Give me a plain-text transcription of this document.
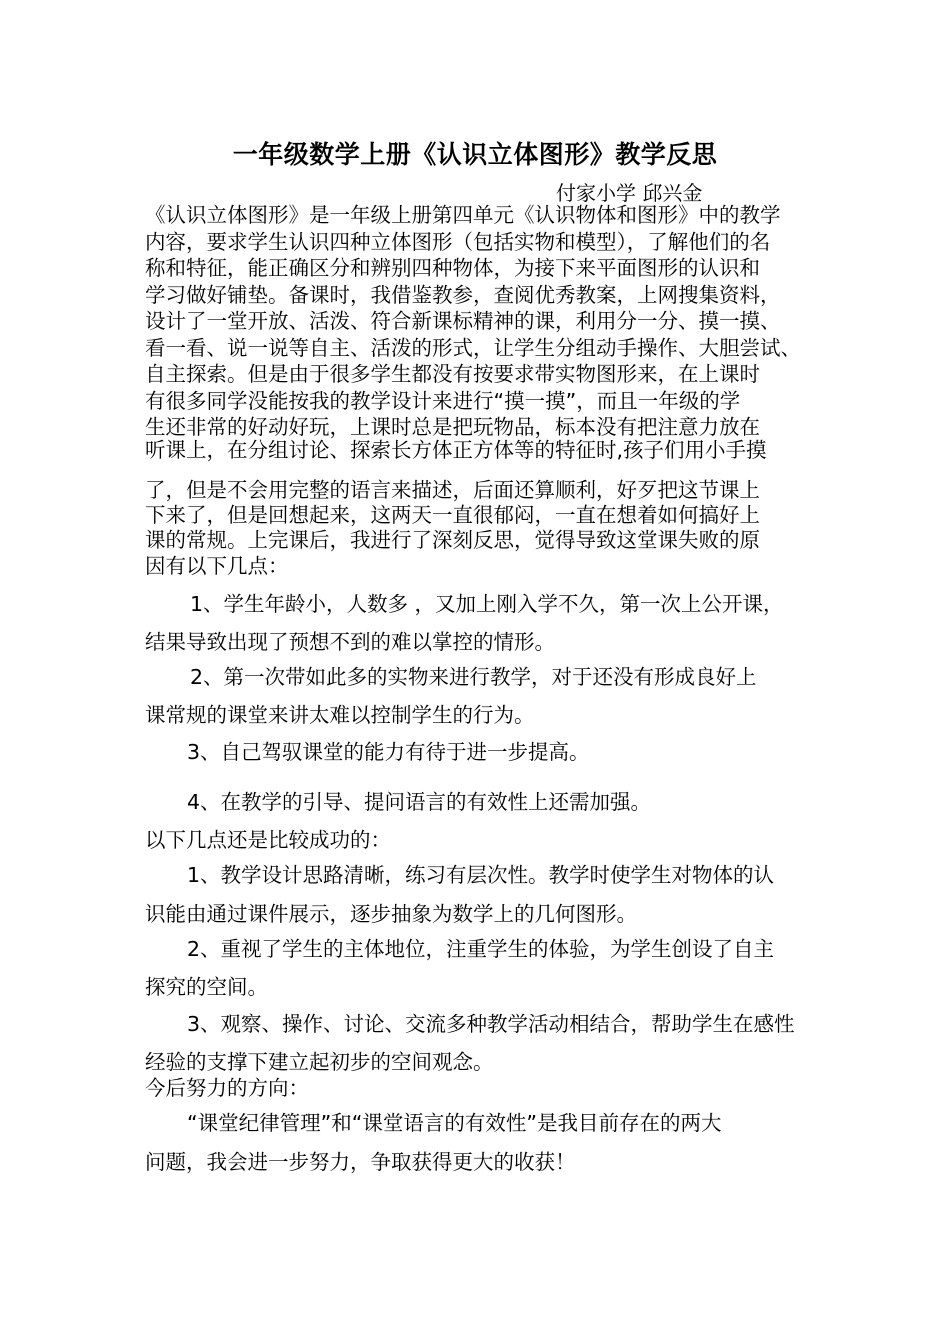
一年级数学上册《认识立体图形》教学反思
付家小学 邱兴金
《认识立体图形》是一年级上册第四单元《认识物体和图形》中的教学
内容，要求学生认识四种立体图形（包括实物和模型），了解他们的名
称和特征，能正确区分和辨别四种物体，为接下来平面图形的认识和
学习做好铺垫。备课时，我借鉴教参，查阅优秀教案，上网搜集资料，
设计了一堂开放、活泼、符合新课标精神的课，利用分一分、摸一摸、
看一看、说一说等自主、活泼的形式，让学生分组动手操作、大胆尝试、
自主探索。但是由于很多学生都没有按要求带实物图形来，在上课时
有很多同学没能按我的教学设计来进行“摸一摸”，而且一年级的学
生还非常的好动好玩，上课时总是把玩物品，标本没有把注意力放在
听课上，在分组讨论、探索长方体正方体等的特征时,孩子们用小手摸
了，但是不会用完整的语言来描述，后面还算顺利，好歹把这节课上
下来了，但是回想起来，这两天一直很郁闷，一直在想着如何搞好上
课的常规。上完课后，我进行了深刻反思，觉得导致这堂课失败的原
因有以下几点：
1、学生年龄小，人数多 ，又加上刚入学不久，第一次上公开课，
结果导致出现了预想不到的难以掌控的情形。
2、第一次带如此多的实物来进行教学，对于还没有形成良好上
课常规的课堂来讲太难以控制学生的行为。
3、自己驾驭课堂的能力有待于进一步提高。
4、在教学的引导、提问语言的有效性上还需加强。
以下几点还是比较成功的：
1、教学设计思路清晰，练习有层次性。教学时使学生对物体的认
识能由通过课件展示，逐步抽象为数学上的几何图形。
2、重视了学生的主体地位，注重学生的体验，为学生创设了自主
探究的空间。
3、观察、操作、讨论、交流多种教学活动相结合，帮助学生在感性
经验的支撑下建立起初步的空间观念。
今后努力的方向：
“课堂纪律管理”和“课堂语言的有效性”是我目前存在的两大
问题，我会进一步努力，争取获得更大的收获！
